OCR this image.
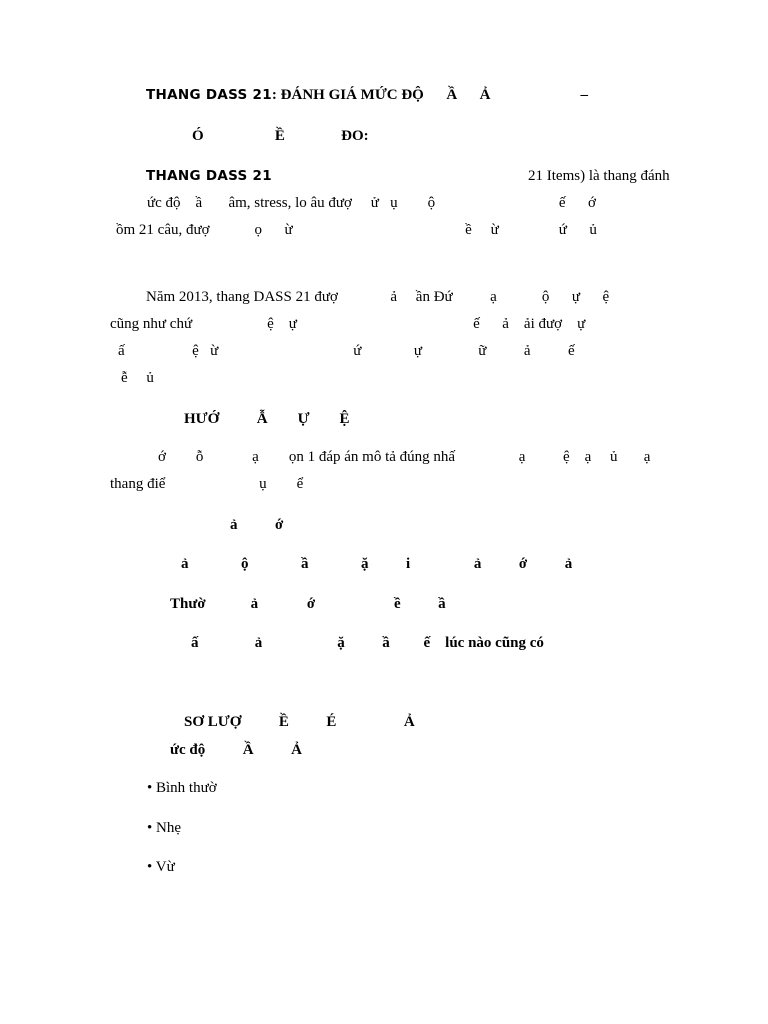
THANG DASS 21: ĐÁNH GIÁ MỨC ĐỘ      Ầ      Ả                        –
Ó                   Ề               ĐO:
THANG DASS 21	21 Items) là thang đánh
ức độ    ầ       âm, stress, lo âu đượ     ử   ụ        ộ                                 ế      ớ
ồm 21 câu, đượ            ọ      ừ                                              ề     ừ                ứ      ủ
Năm 2013, thang DASS 21 đượ              ả     ần Đứ          ạ            ộ      ự      ệ
cũng như chứ                    ệ    ự                                               ế      ả    ải đượ    ự
ấ                  ệ   ừ                                    ứ              ự               ữ          ả          ế
ễ     ủ
HƯỚ          Ẫ        Ự        Ệ
ớ        ỗ             ạ        ọn 1 đáp án mô tả đúng nhấ                 ạ          ệ    ạ     ủ       ạ
thang điể                         ụ        ể
ả          ớ
ả              ộ              ầ              ặ          i                 ả          ớ          ả
Thườ            ả             ớ                     ề          ầ
ấ               ả                    ặ          ầ         ế    lúc nào cũng có
SƠ LƯỢ          Ề          É                  Ả
ức độ          Ầ          Ả
• Bình thườ
• Nhẹ
• Vừ
